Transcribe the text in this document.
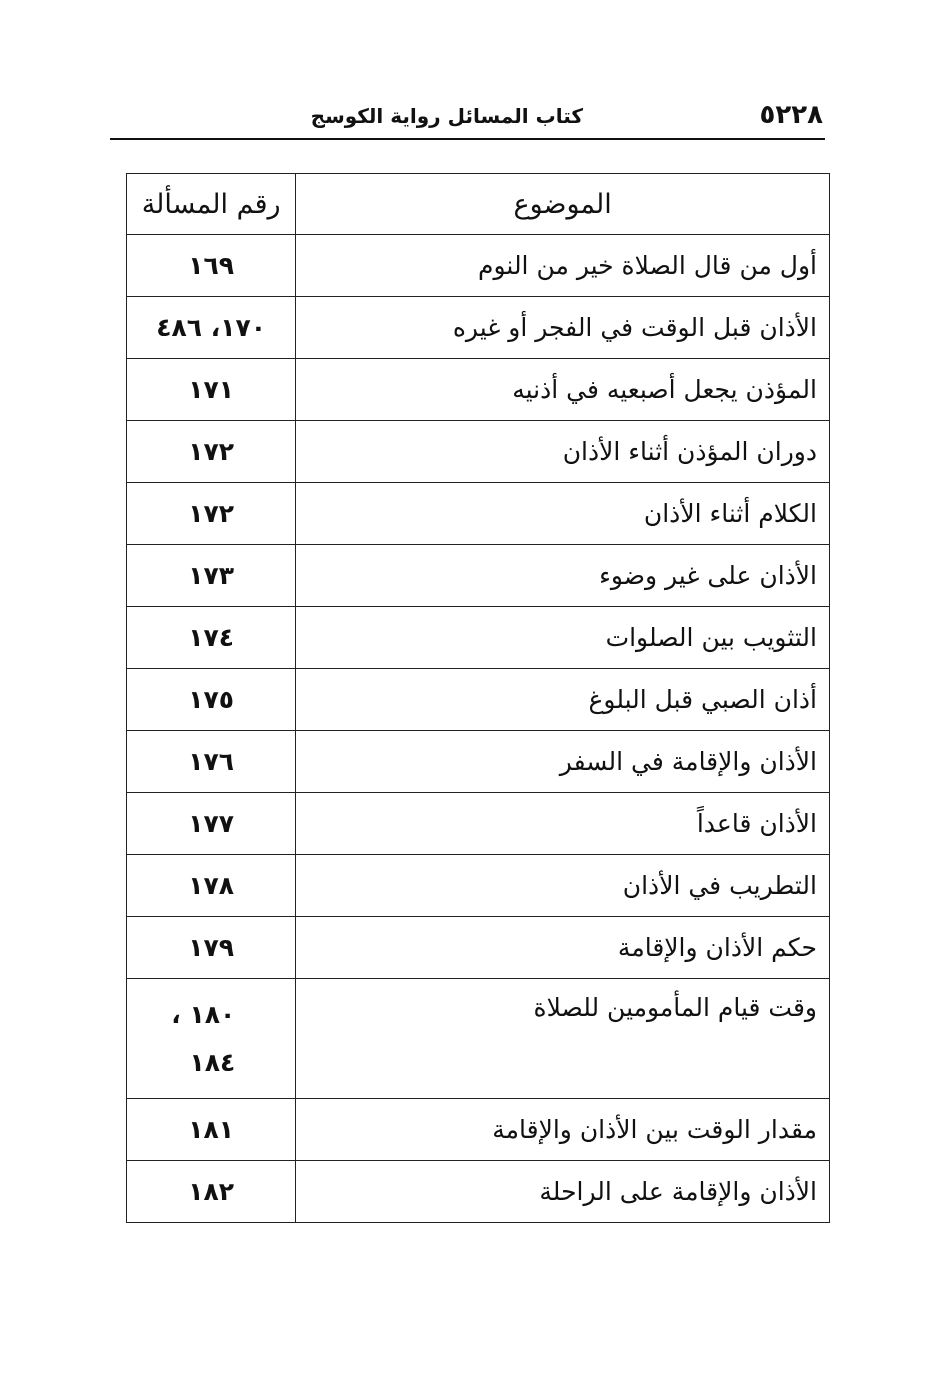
٥٢٢٨
كتاب المسائل رواية الكوسج
الموضوع	رقم المسألة
أول من قال الصلاة خير من النوم	١٦٩
الأذان قبل الوقت في الفجر أو غيره	١٧٠، ٤٨٦
المؤذن يجعل أصبعيه في أذنيه	١٧١
دوران المؤذن أثناء الأذان	١٧٢
الكلام أثناء الأذان	١٧٢
الأذان على غير وضوء	١٧٣
التثويب بين الصلوات	١٧٤
أذان الصبي قبل البلوغ	١٧٥
الأذان والإقامة في السفر	١٧٦
الأذان قاعداً	١٧٧
التطريب في الأذان	١٧٨
حكم الأذان والإقامة	١٧٩
وقت قيام المأمومين للصلاة	١٨٠ ،
١٨٤
مقدار الوقت بين الأذان والإقامة	١٨١
الأذان والإقامة على الراحلة	١٨٢
